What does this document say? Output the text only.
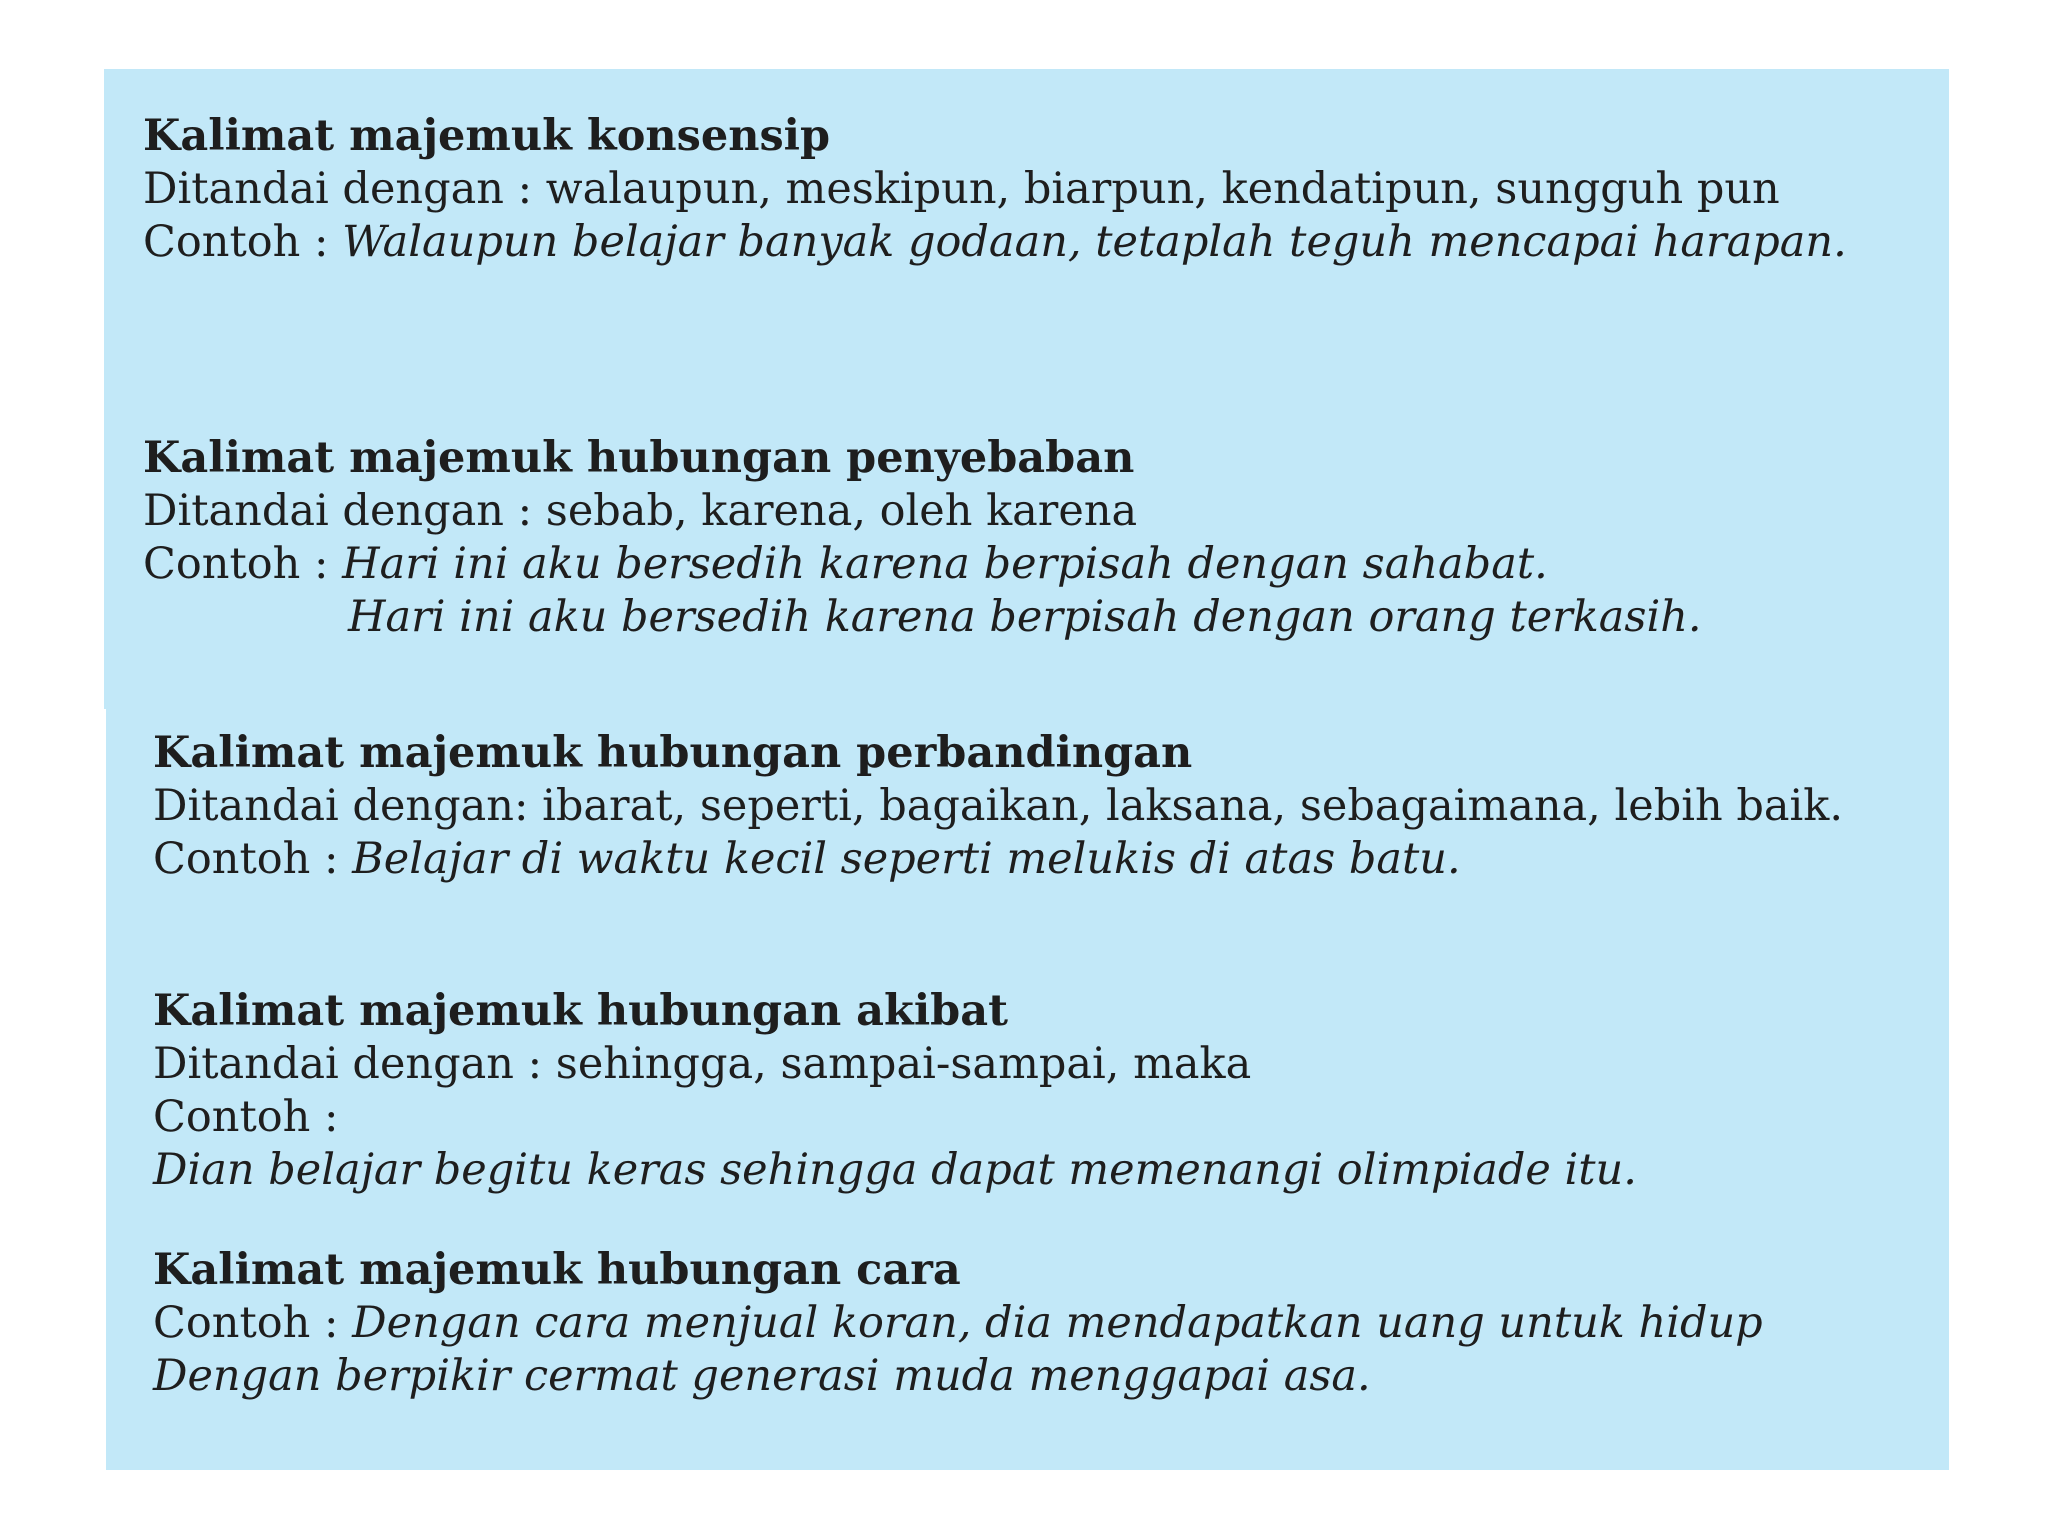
Kalimat majemuk konsensip

Ditandai dengan : walaupun, meskipun, biarpun, kendatipun, sungguh pun

Contoh : Walaupun belajar banyak godaan, tetaplah teguh mencapai harapan.

Kalimat majemuk hubungan penyebaban

Ditandai dengan : sebab, karena, oleh karena

Contoh : Hari ini aku bersedih karena berpisah dengan sahabat.

Hari ini aku bersedih karena berpisah dengan orang terkasih.

Kalimat majemuk hubungan perbandingan

Ditandai dengan: ibarat, seperti, bagaikan, laksana, sebagaimana, lebih baik.

Contoh : Belajar di waktu kecil seperti melukis di atas batu.

Kalimat majemuk hubungan akibat

Ditandai dengan : sehingga, sampai-sampai, maka

Contoh :

Dian belajar begitu keras sehingga dapat memenangi olimpiade itu.

Kalimat majemuk hubungan cara

Contoh : Dengan cara menjual koran, dia mendapatkan uang untuk hidup

Dengan berpikir cermat generasi muda menggapai asa.
